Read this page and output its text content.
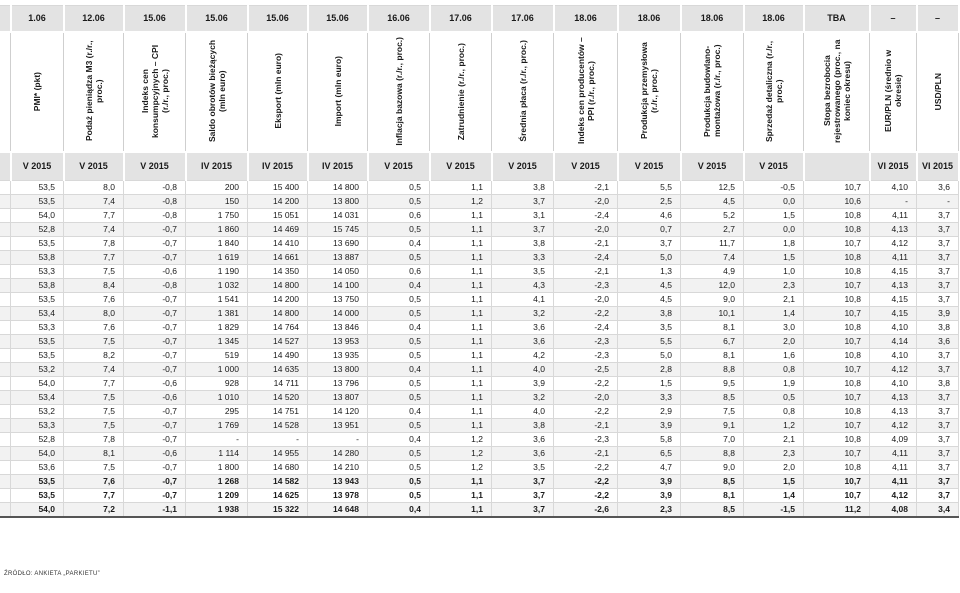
	1.06	12.06	15.06	15.06	15.06	15.06	16.06	17.06	17.06	18.06	18.06	18.06	18.06	TBA	–	–
	PMI* (pkt)	Podaż pieniądza M3 (r./r., proc.)	Indeks cen konsumpcyjnych – CPI (r./r., proc.)	Saldo obrotów bieżących (mln euro)	Eksport (mln euro)	Import (mln euro)	Inflacja bazowa (r./r., proc.)	Zatrudnienie (r./r., proc.)	Średnia płaca (r./r., proc.)	Indeks cen producentów – PPI (r./r., proc.)	Produkcja przemysłowa (r./r., proc.)	Produkcja budowlano-montażowa (r./r., proc.)	Sprzedaż detaliczna (r./r., proc.)	Stopa bezrobocia rejestrowanego (proc., na koniec okresu)	EUR/PLN (średnio w okresie)	USD/PLN
	V 2015	V 2015	V 2015	IV 2015	IV 2015	IV 2015	V 2015	V 2015	V 2015	V 2015	V 2015	V 2015	V 2015		VI 2015	VI 2015
	53,5	8,0	-0,8	200	15 400	14 800	0,5	1,1	3,8	-2,1	5,5	12,5	-0,5	10,7	4,10	3,6
	53,5	7,4	-0,8	150	14 200	13 800	0,5	1,2	3,7	-2,0	2,5	4,5	0,0	10,6	-	-
	54,0	7,7	-0,8	1 750	15 051	14 031	0,6	1,1	3,1	-2,4	4,6	5,2	1,5	10,8	4,11	3,7
	52,8	7,4	-0,7	1 860	14 469	15 745	0,5	1,1	3,7	-2,0	0,7	2,7	0,0	10,8	4,13	3,7
	53,5	7,8	-0,7	1 840	14 410	13 690	0,4	1,1	3,8	-2,1	3,7	11,7	1,8	10,7	4,12	3,7
	53,8	7,7	-0,7	1 619	14 661	13 887	0,5	1,1	3,3	-2,4	5,0	7,4	1,5	10,8	4,11	3,7
	53,3	7,5	-0,6	1 190	14 350	14 050	0,6	1,1	3,5	-2,1	1,3	4,9	1,0	10,8	4,15	3,7
	53,8	8,4	-0,8	1 032	14 800	14 100	0,4	1,1	4,3	-2,3	4,5	12,0	2,3	10,7	4,13	3,7
	53,5	7,6	-0,7	1 541	14 200	13 750	0,5	1,1	4,1	-2,0	4,5	9,0	2,1	10,8	4,15	3,7
	53,4	8,0	-0,7	1 381	14 800	14 000	0,5	1,1	3,2	-2,2	3,8	10,1	1,4	10,7	4,15	3,9
	53,3	7,6	-0,7	1 829	14 764	13 846	0,4	1,1	3,6	-2,4	3,5	8,1	3,0	10,8	4,10	3,8
	53,5	7,5	-0,7	1 345	14 527	13 953	0,5	1,1	3,6	-2,3	5,5	6,7	2,0	10,7	4,14	3,6
	53,5	8,2	-0,7	519	14 490	13 935	0,5	1,1	4,2	-2,3	5,0	8,1	1,6	10,8	4,10	3,7
	53,2	7,4	-0,7	1 000	14 635	13 800	0,4	1,1	4,0	-2,5	2,8	8,8	0,8	10,7	4,12	3,7
	54,0	7,7	-0,6	928	14 711	13 796	0,5	1,1	3,9	-2,2	1,5	9,5	1,9	10,8	4,10	3,8
	53,4	7,5	-0,6	1 010	14 520	13 807	0,5	1,1	3,2	-2,0	3,3	8,5	0,5	10,7	4,13	3,7
	53,2	7,5	-0,7	295	14 751	14 120	0,4	1,1	4,0	-2,2	2,9	7,5	0,8	10,8	4,13	3,7
	53,3	7,5	-0,7	1 769	14 528	13 951	0,5	1,1	3,8	-2,1	3,9	9,1	1,2	10,7	4,12	3,7
	52,8	7,8	-0,7	-	-	-	0,4	1,2	3,6	-2,3	5,8	7,0	2,1	10,8	4,09	3,7
	54,0	8,1	-0,6	1 114	14 955	14 280	0,5	1,2	3,6	-2,1	6,5	8,8	2,3	10,7	4,11	3,7
	53,6	7,5	-0,7	1 800	14 680	14 210	0,5	1,2	3,5	-2,2	4,7	9,0	2,0	10,8	4,11	3,7
	53,5	7,6	-0,7	1 268	14 582	13 943	0,5	1,1	3,7	-2,2	3,9	8,5	1,5	10,7	4,11	3,7
	53,5	7,7	-0,7	1 209	14 625	13 978	0,5	1,1	3,7	-2,2	3,9	8,1	1,4	10,7	4,12	3,7
	54,0	7,2	-1,1	1 938	15 322	14 648	0,4	1,1	3,7	-2,6	2,3	8,5	-1,5	11,2	4,08	3,4
ŹRÓDŁO: ANKIETA „PARKIETU”
